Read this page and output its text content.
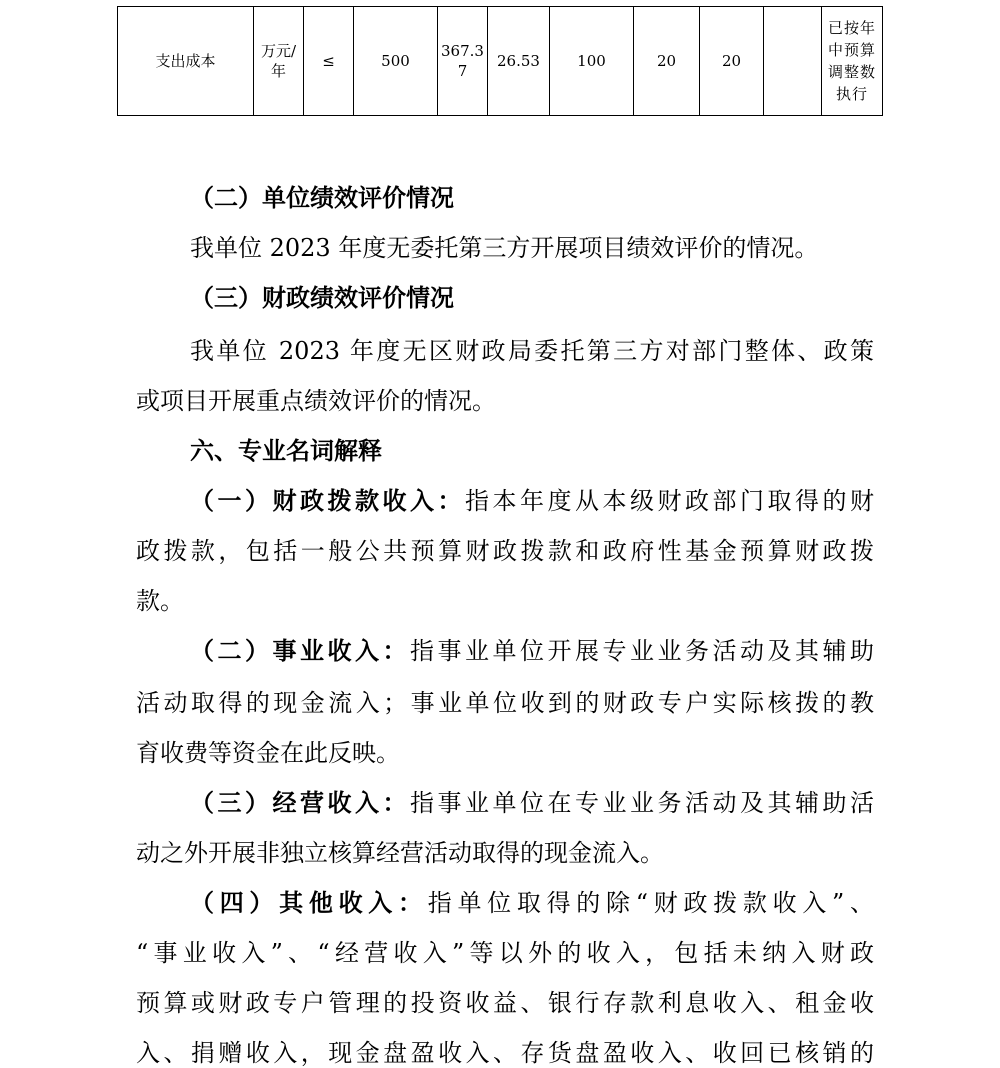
支出成本	万元/年	≤	500	367.37	26.53	100	20	20		已按年中预算调整数执行
（二）单位绩效评价情况
我单位 2023 年度无委托第三方开展项目绩效评价的情况。
（三）财政绩效评价情况
我单位 2023 年度无区财政局委托第三方对部门整体、政策
或项目开展重点绩效评价的情况。
六、专业名词解释
（一）财政拨款收入：指本年度从本级财政部门取得的财
政拨款，包括一般公共预算财政拨款和政府性基金预算财政拨
款。
（二）事业收入：指事业单位开展专业业务活动及其辅助
活动取得的现金流入；事业单位收到的财政专户实际核拨的教
育收费等资金在此反映。
（三）经营收入：指事业单位在专业业务活动及其辅助活
动之外开展非独立核算经营活动取得的现金流入。
（四）其他收入：指单位取得的除“财政拨款收入”、
“事业收入”、“经营收入”等以外的收入，包括未纳入财政
预算或财政专户管理的投资收益、银行存款利息收入、租金收
入、捐赠收入，现金盘盈收入、存货盘盈收入、收回已核销的
